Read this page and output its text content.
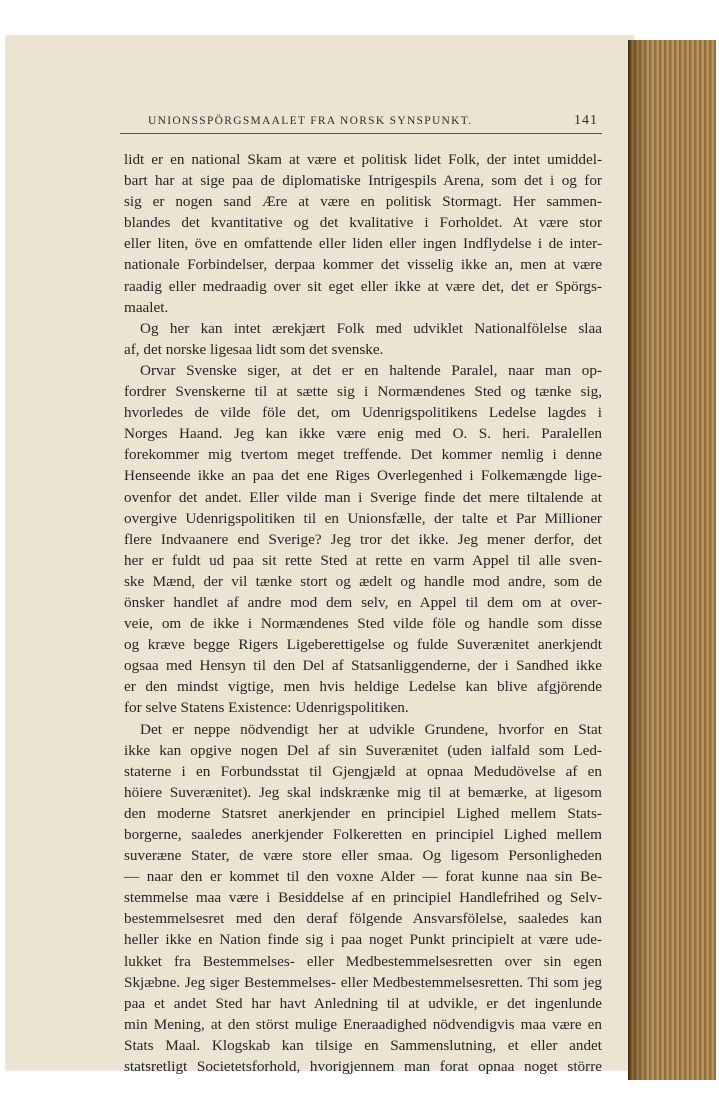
UNIONSSPÖRGSMAALET FRA NORSK SYNSPUNKT.	141
lidt er en national Skam at være et politisk lidet Folk, der intet umiddel-
bart har at sige paa de diplomatiske Intrigespils Arena, som det i og for
sig er nogen sand Ære at være en politisk Stormagt. Her sammen-
blandes det kvantitative og det kvalitative i Forholdet. At være stor
eller liten, öve en omfattende eller liden eller ingen Indflydelse i de inter-
nationale Forbindelser, derpaa kommer det visselig ikke an, men at være
raadig eller medraadig over sit eget eller ikke at være det, det er Spörgs-
maalet.
Og her kan intet ærekjært Folk med udviklet Nationalfölelse slaa
af, det norske ligesaa lidt som det svenske.
Orvar Svenske siger, at det er en haltende Paralel, naar man op-
fordrer Svenskerne til at sætte sig i Normændenes Sted og tænke sig,
hvorledes de vilde föle det, om Udenrigspolitikens Ledelse lagdes i
Norges Haand. Jeg kan ikke være enig med O. S. heri. Paralellen
forekommer mig tvertom meget treffende. Det kommer nemlig i denne
Henseende ikke an paa det ene Riges Overlegenhed i Folkemængde lige-
ovenfor det andet. Eller vilde man i Sverige finde det mere tiltalende at
overgive Udenrigspolitiken til en Unionsfælle, der talte et Par Millioner
flere Indvaanere end Sverige? Jeg tror det ikke. Jeg mener derfor, det
her er fuldt ud paa sit rette Sted at rette en varm Appel til alle sven-
ske Mænd, der vil tænke stort og ædelt og handle mod andre, som de
önsker handlet af andre mod dem selv, en Appel til dem om at over-
veie, om de ikke i Normændenes Sted vilde föle og handle som disse
og kræve begge Rigers Ligeberettigelse og fulde Suverænitet anerkjendt
ogsaa med Hensyn til den Del af Statsanliggenderne, der i Sandhed ikke
er den mindst vigtige, men hvis heldige Ledelse kan blive afgjörende
for selve Statens Existence: Udenrigspolitiken.
Det er neppe nödvendigt her at udvikle Grundene, hvorfor en Stat
ikke kan opgive nogen Del af sin Suverænitet (uden ialfald som Led-
staterne i en Forbundsstat til Gjengjæld at opnaa Medudövelse af en
höiere Suverænitet). Jeg skal indskrænke mig til at bemærke, at ligesom
den moderne Statsret anerkjender en principiel Lighed mellem Stats-
borgerne, saaledes anerkjender Folkeretten en principiel Lighed mellem
suveræne Stater, de være store eller smaa. Og ligesom Personligheden
— naar den er kommet til den voxne Alder — forat kunne naa sin Be-
stemmelse maa være i Besiddelse af en principiel Handlefrihed og Selv-
bestemmelsesret med den deraf fölgende Ansvarsfölelse, saaledes kan
heller ikke en Nation finde sig i paa noget Punkt principielt at være ude-
lukket fra Bestemmelses- eller Medbestemmelsesretten over sin egen
Skjæbne. Jeg siger Bestemmelses- eller Medbestemmelsesretten. Thi som jeg
paa et andet Sted har havt Anledning til at udvikle, er det ingenlunde
min Mening, at den störst mulige Eneraadighed nödvendigvis maa være en
Stats Maal. Klogskab kan tilsige en Sammenslutning, et eller andet
statsretligt Societetsforhold, hvorigjennem man forat opnaa noget större
